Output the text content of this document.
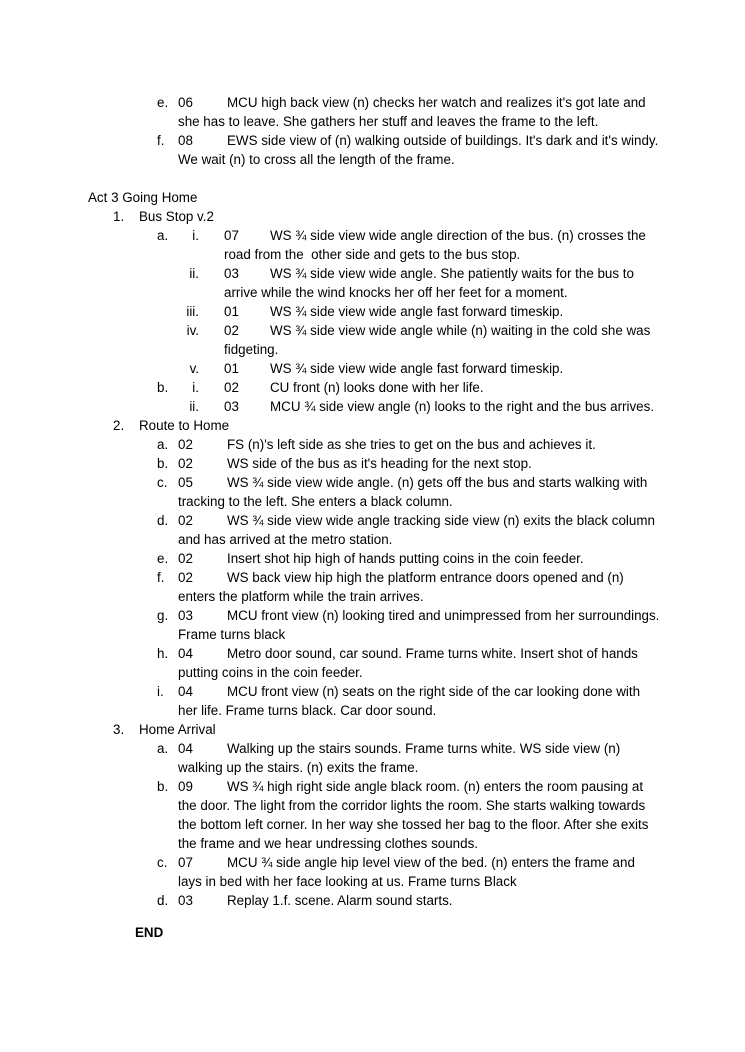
e. 06	MCU high back view (n) checks her watch and realizes it's got late and she has to leave. She gathers her stuff and leaves the frame to the left.
f.	08	EWS side view of (n) walking outside of buildings. It's dark and it's windy. We wait (n) to cross all the length of the frame.
Act 3 Going Home
1.	Bus Stop v.2
a.	i. 07 WS ¾ side view wide angle direction of the bus. (n) crosses the road from the  other side and gets to the bus stop.
ii. 03 WS ¾ side view wide angle. She patiently waits for the bus to arrive while the wind knocks her off her feet for a moment.
iii. 01 WS ¾ side view wide angle fast forward timeskip.
iv. 02 WS ¾ side view wide angle while (n) waiting in the cold she was fidgeting.
v. 01 WS ¾ side view wide angle fast forward timeskip.
b.	i. 02 CU front (n) looks done with her life.
ii. 03 MCU ¾ side view angle (n) looks to the right and the bus arrives.
2.	Route to Home
a. 02	FS (n)'s left side as she tries to get on the bus and achieves it.
b. 02	WS side of the bus as it's heading for the next stop.
c. 05	WS ¾ side view wide angle. (n) gets off the bus and starts walking with tracking to the left. She enters a black column.
d. 02	WS ¾ side view wide angle tracking side view (n) exits the black column and has arrived at the metro station.
e. 02	Insert shot hip high of hands putting coins in the coin feeder.
f.	02	WS back view hip high the platform entrance doors opened and (n) enters the platform while the train arrives.
g. 03	MCU front view (n) looking tired and unimpressed from her surroundings. Frame turns black
h. 04	Metro door sound, car sound. Frame turns white. Insert shot of hands putting coins in the coin feeder.
i.	04	MCU front view (n) seats on the right side of the car looking done with her life. Frame turns black. Car door sound.
3.	Home Arrival
a. 04	Walking up the stairs sounds. Frame turns white. WS side view (n) walking up the stairs. (n) exits the frame.
b. 09	WS ¾ high right side angle black room. (n) enters the room pausing at the door. The light from the corridor lights the room. She starts walking towards the bottom left corner. In her way she tossed her bag to the floor. After she exits the frame and we hear undressing clothes sounds.
c. 07	MCU ¾ side angle hip level view of the bed. (n) enters the frame and lays in bed with her face looking at us. Frame turns Black
d. 03	Replay 1.f. scene. Alarm sound starts.
END
